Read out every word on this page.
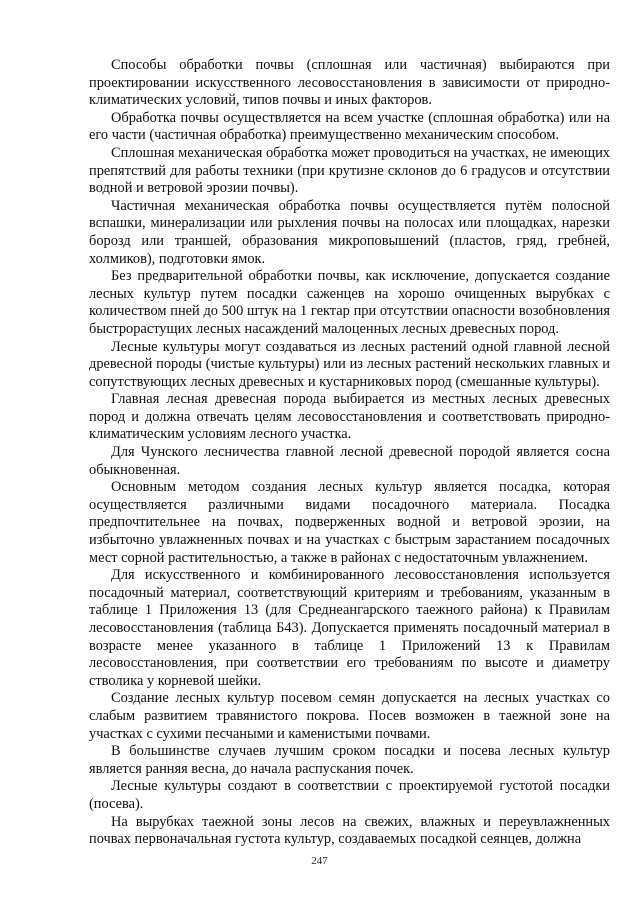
Способы обработки почвы (сплошная или частичная) выбираются при проектировании искусственного лесовосстановления в зависимости от природно-климатических условий, типов почвы и иных факторов.

Обработка почвы осуществляется на всем участке (сплошная обработка) или на его части (частичная обработка) преимущественно механическим способом.

Сплошная механическая обработка может проводиться на участках, не имеющих препятствий для работы техники (при крутизне склонов до 6 градусов и отсутствии водной и ветровой эрозии почвы).

Частичная механическая обработка почвы осуществляется путём полосной вспашки, минерализации или рыхления почвы на полосах или площадках, нарезки борозд или траншей, образования микроповышений (пластов, гряд, гребней, холмиков), подготовки ямок.

Без предварительной обработки почвы, как исключение, допускается создание лесных культур путем посадки саженцев на хорошо очищенных вырубках с количеством пней до 500 штук на 1 гектар при отсутствии опасности возобновления быстрорастущих лесных насаждений малоценных лесных древесных пород.

Лесные культуры могут создаваться из лесных растений одной главной лесной древесной породы (чистые культуры) или из лесных растений нескольких главных и сопутствующих лесных древесных и кустарниковых пород (смешанные культуры).

Главная лесная древесная порода выбирается из местных лесных древесных пород и должна отвечать целям лесовосстановления и соответствовать природно-климатическим условиям лесного участка.

Для Чунского лесничества главной лесной древесной породой является сосна обыкновенная.

Основным методом создания лесных культур является посадка, которая осуществляется различными видами посадочного материала. Посадка предпочтительнее на почвах, подверженных водной и ветровой эрозии, на избыточно увлажненных почвах и на участках с быстрым зарастанием посадочных мест сорной растительностью, а также в районах с недостаточным увлажнением.

Для искусственного и комбинированного лесовосстановления используется посадочный материал, соответствующий критериям и требованиям, указанным в таблице 1 Приложения 13 (для Среднеангарского таежного района) к Правилам лесовосстановления (таблица Б43). Допускается применять посадочный материал в возрасте менее указанного в таблице 1 Приложений 13 к Правилам лесовосстановления, при соответствии его требованиям по высоте и диаметру стволика у корневой шейки.

Создание лесных культур посевом семян допускается на лесных участках со слабым развитием травянистого покрова. Посев возможен в таежной зоне на участках с сухими песчаными и каменистыми почвами.

В большинстве случаев лучшим сроком посадки и посева лесных культур является ранняя весна, до начала распускания почек.

Лесные культуры создают в соответствии с проектируемой густотой посадки (посева).

На вырубках таежной зоны лесов на свежих, влажных и переувлажненных почвах первоначальная густота культур, создаваемых посадкой сеянцев, должна

247
